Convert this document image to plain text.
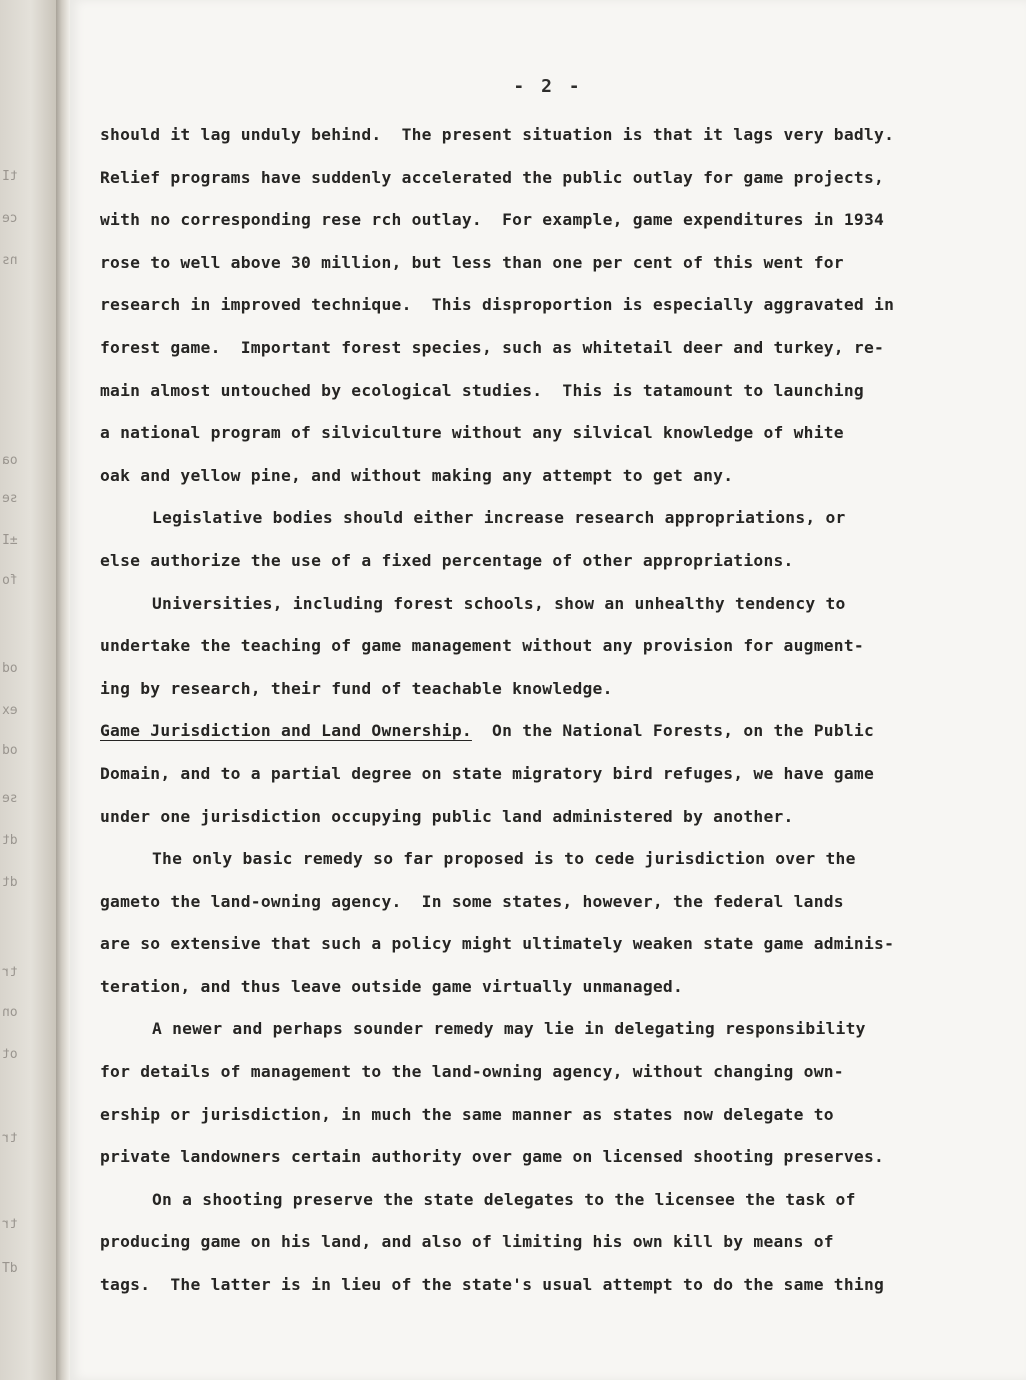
tI
ce
ns
oa
se
±I
fo
od
ex
od
se
dt
dt
tr
on
ot
tr
tr
dT
- 2 -
should it lag unduly behind.  The present situation is that it lags very badly.
Relief programs have suddenly accelerated the public outlay for game projects,
with no corresponding rese rch outlay.  For example, game expenditures in 1934
rose to well above 30 million, but less than one per cent of this went for
research in improved technique.  This disproportion is especially aggravated in
forest game.  Important forest species, such as whitetail deer and turkey, re-
main almost untouched by ecological studies.  This is tatamount to launching
a national program of silviculture without any silvical knowledge of white
oak and yellow pine, and without making any attempt to get any.
Legislative bodies should either increase research appropriations, or
else authorize the use of a fixed percentage of other appropriations.
Universities, including forest schools, show an unhealthy tendency to
undertake the teaching of game management without any provision for augment-
ing by research, their fund of teachable knowledge.
Game Jurisdiction and Land Ownership.  On the National Forests, on the Public
Domain, and to a partial degree on state migratory bird refuges, we have game
under one jurisdiction occupying public land administered by another.
The only basic remedy so far proposed is to cede jurisdiction over the
gameto the land-owning agency.  In some states, however, the federal lands
are so extensive that such a policy might ultimately weaken state game adminis-
teration, and thus leave outside game virtually unmanaged.
A newer and perhaps sounder remedy may lie in delegating responsibility
for details of management to the land-owning agency, without changing own-
ership or jurisdiction, in much the same manner as states now delegate to
private landowners certain authority over game on licensed shooting preserves.
On a shooting preserve the state delegates to the licensee the task of
producing game on his land, and also of limiting his own kill by means of
tags.  The latter is in lieu of the state's usual attempt to do the same thing
